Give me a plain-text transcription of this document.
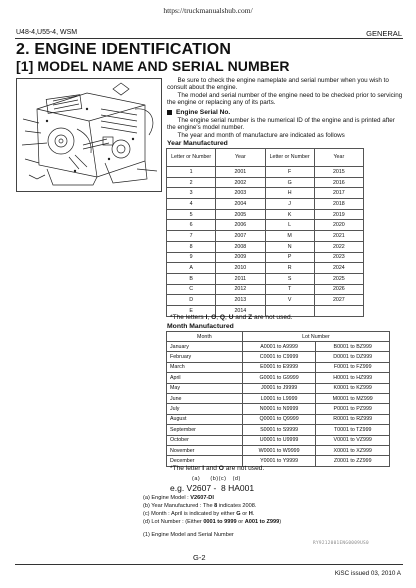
https://truckmanualshub.com/
U48-4,U55-4, WSM	GENERAL
2. ENGINE IDENTIFICATION
[1] MODEL NAME AND SERIAL NUMBER
Be sure to check the engine nameplate and serial number when you wish to consult about the engine.
The model and serial number of the engine need to be checked prior to servicing the engine or replacing any of its parts.
Engine Serial No.
The engine serial number is the numerical ID of the engine and is printed after the engine's model number.
The year and month of manufacture are indicated as follows
Year Manufactured
Letter or Number	Year	Letter or Number	Year
1	2001	F	2015
2	2002	G	2016
3	2003	H	2017
4	2004	J	2018
5	2005	K	2019
6	2006	L	2020
7	2007	M	2021
8	2008	N	2022
9	2009	P	2023
A	2010	R	2024
B	2011	S	2025
C	2012	T	2026
D	2013	V	2027
E	2014		
*The letters I, O, Q, U and Z are not used.
Month Manufactured
Month	Lot Number	
January	A0001 to A9999	B0001 to BZ999
February	C0001 to C9999	D0001 to DZ999
March	E0001 to E9999	F0001 to FZ999
April	G0001 to G9999	H0001 to HZ999
May	J0001 to J9999	K0001 to KZ999
June	L0001 to L9999	M0001 to MZ999
July	N0001 to N9999	P0001 to PZ999
August	Q0001 to Q9999	R0001 to RZ999
September	S0001 to S9999	T0001 to TZ999
October	U0001 to U9999	V0001 to VZ999
November	W0001 to W9999	X0001 to XZ999
December	Y0001 to Y9999	Z0001 to ZZ999
*The letter I and O are not used.
(a)     (b)(c)   (d)
e.g. V2607 -  8 HA001
(a) Engine Model : V2607-DI
(b) Year Manufactured : The 8 indicates 2008.
(c) Month : April is indicated by either G or H.
(d) Lot Number : (Either 0001 to 9999 or A001 to Z999)
(1) Engine Model and Serial Number
RY9212001ENG0009US0
G-2
KiSC issued 03, 2010 A
